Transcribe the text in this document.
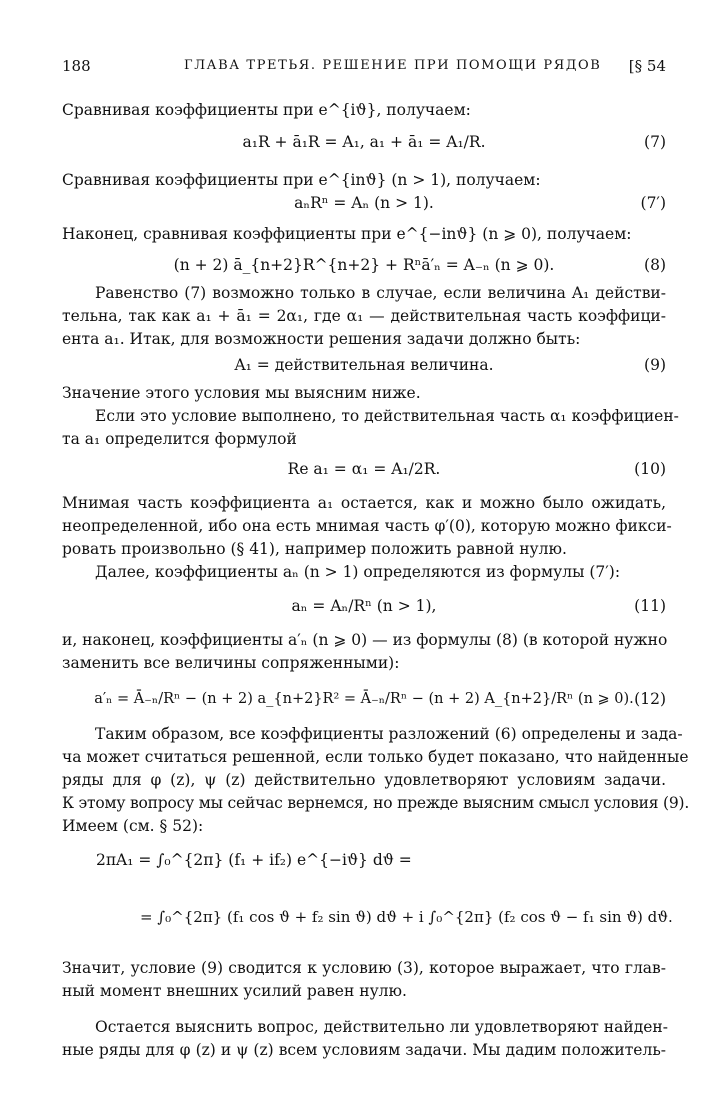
188	ГЛАВА ТРЕТЬЯ. РЕШЕНИЕ ПРИ ПОМОЩИ РЯДОВ [§ 54
Сравнивая коэффициенты при e^{iϑ}, получаем:
a₁R + ā₁R = A₁, a₁ + ā₁ = A₁/R.	(7)
Сравнивая коэффициенты при e^{inϑ} (n > 1), получаем:
aₙRⁿ = Aₙ (n > 1).	(7′)
Наконец, сравнивая коэффициенты при e^{−inϑ} (n ⩾ 0), получаем:
(n + 2) ā_{n+2}R^{n+2} + Rⁿā′ₙ = A₋ₙ (n ⩾ 0).	(8)
Равенство (7) возможно только в случае, если величина A₁ действи-
тельна, так как a₁ + ā₁ = 2α₁, где α₁ — действительная часть коэффици-
ента a₁. Итак, для возможности решения задачи должно быть:
A₁ = действительная величина.	(9)
Значение этого условия мы выясним ниже.
Если это условие выполнено, то действительная часть α₁ коэффициен-
та a₁ определится формулой
Re a₁ = α₁ = A₁/2R.	(10)
Мнимая часть коэффициента a₁ остается, как и можно было ожидать,
неопределенной, ибо она есть мнимая часть φ′(0), которую можно фикси-
ровать произвольно (§ 41), например положить равной нулю.
Далее, коэффициенты aₙ (n > 1) определяются из формулы (7′):
aₙ = Aₙ/Rⁿ (n > 1),	(11)
и, наконец, коэффициенты a′ₙ (n ⩾ 0) — из формулы (8) (в которой нужно
заменить все величины сопряженными):
a′ₙ = Ā₋ₙ/Rⁿ − (n + 2) a_{n+2}R² = Ā₋ₙ/Rⁿ − (n + 2) A_{n+2}/Rⁿ (n ⩾ 0). (12)
Таким образом, все коэффициенты разложений (6) определены и зада-
ча может считаться решенной, если только будет показано, что найденные
ряды для φ (z), ψ (z) действительно удовлетворяют условиям задачи.
К этому вопросу мы сейчас вернемся, но прежде выясним смысл условия (9).
Имеем (см. § 52):
2πA₁ = ∫₀^{2π} (f₁ + if₂) e^{−iϑ} dϑ =
= ∫₀^{2π} (f₁ cos ϑ + f₂ sin ϑ) dϑ + i ∫₀^{2π} (f₂ cos ϑ − f₁ sin ϑ) dϑ.
Значит, условие (9) сводится к условию (3), которое выражает, что глав-
ный момент внешних усилий равен нулю.
Остается выяснить вопрос, действительно ли удовлетворяют найден-
ные ряды для φ (z) и ψ (z) всем условиям задачи. Мы дадим положитель-
